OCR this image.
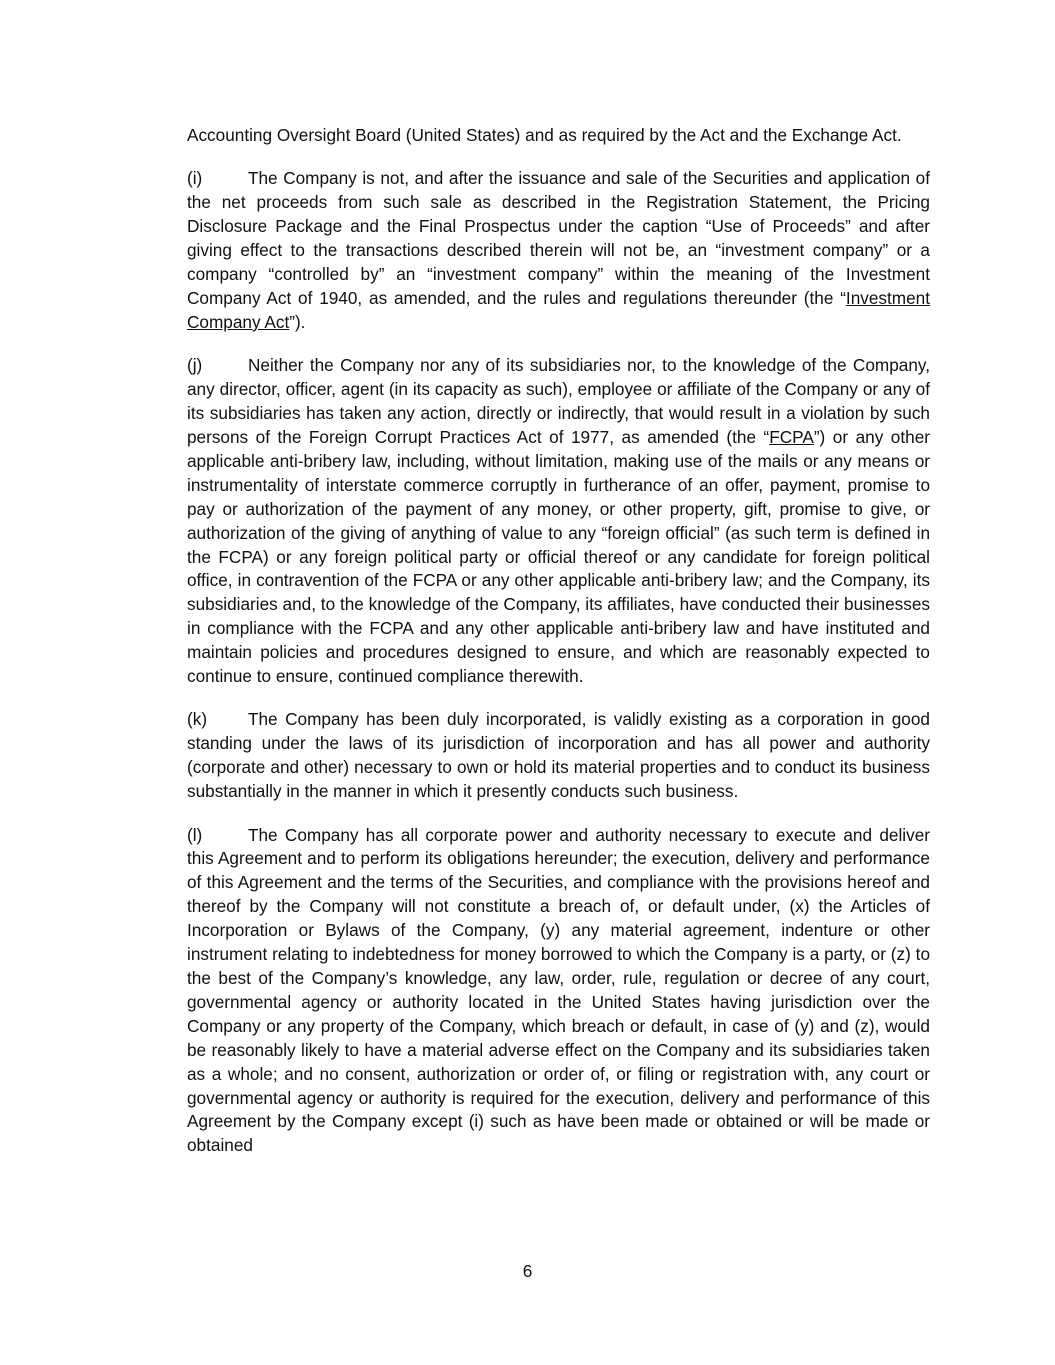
Accounting Oversight Board (United States) and as required by the Act and the Exchange Act.

(i)	The Company is not, and after the issuance and sale of the Securities and application of the net proceeds from such sale as described in the Registration Statement, the Pricing Disclosure Package and the Final Prospectus under the caption “Use of Proceeds” and after giving effect to the transactions described therein will not be, an “investment company” or a company “controlled by” an “investment company” within the meaning of the Investment Company Act of 1940, as amended, and the rules and regulations thereunder (the “Investment Company Act”).

(j)	Neither the Company nor any of its subsidiaries nor, to the knowledge of the Company, any director, officer, agent (in its capacity as such), employee or affiliate of the Company or any of its subsidiaries has taken any action, directly or indirectly, that would result in a violation by such persons of the Foreign Corrupt Practices Act of 1977, as amended (the “FCPA”) or any other applicable anti-bribery law, including, without limitation, making use of the mails or any means or instrumentality of interstate commerce corruptly in furtherance of an offer, payment, promise to pay or authorization of the payment of any money, or other property, gift, promise to give, or authorization of the giving of anything of value to any “foreign official” (as such term is defined in the FCPA) or any foreign political party or official thereof or any candidate for foreign political office, in contravention of the FCPA or any other applicable anti-bribery law; and the Company, its subsidiaries and, to the knowledge of the Company, its affiliates, have conducted their businesses in compliance with the FCPA and any other applicable anti-bribery law and have instituted and maintain policies and procedures designed to ensure, and which are reasonably expected to continue to ensure, continued compliance therewith.

(k) The Company has been duly incorporated, is validly existing as a corporation in good standing under the laws of its jurisdiction of incorporation and has all power and authority (corporate and other) necessary to own or hold its material properties and to conduct its business substantially in the manner in which it presently conducts such business.

(l)	The Company has all corporate power and authority necessary to execute and deliver this Agreement and to perform its obligations hereunder; the execution, delivery and performance of this Agreement and the terms of the Securities, and compliance with the provisions hereof and thereof by the Company will not constitute a breach of, or default under, (x) the Articles of Incorporation or Bylaws of the Company, (y) any material agreement, indenture or other instrument relating to indebtedness for money borrowed to which the Company is a party, or (z) to the best of the Company’s knowledge, any law, order, rule, regulation or decree of any court, governmental agency or authority located in the United States having jurisdiction over the Company or any property of the Company, which breach or default, in case of (y) and (z), would be reasonably likely to have a material adverse effect on the Company and its subsidiaries taken as a whole; and no consent, authorization or order of, or filing or registration with, any court or governmental agency or authority is required for the execution, delivery and performance of this Agreement by the Company except (i) such as have been made or obtained or will be made or obtained

6
